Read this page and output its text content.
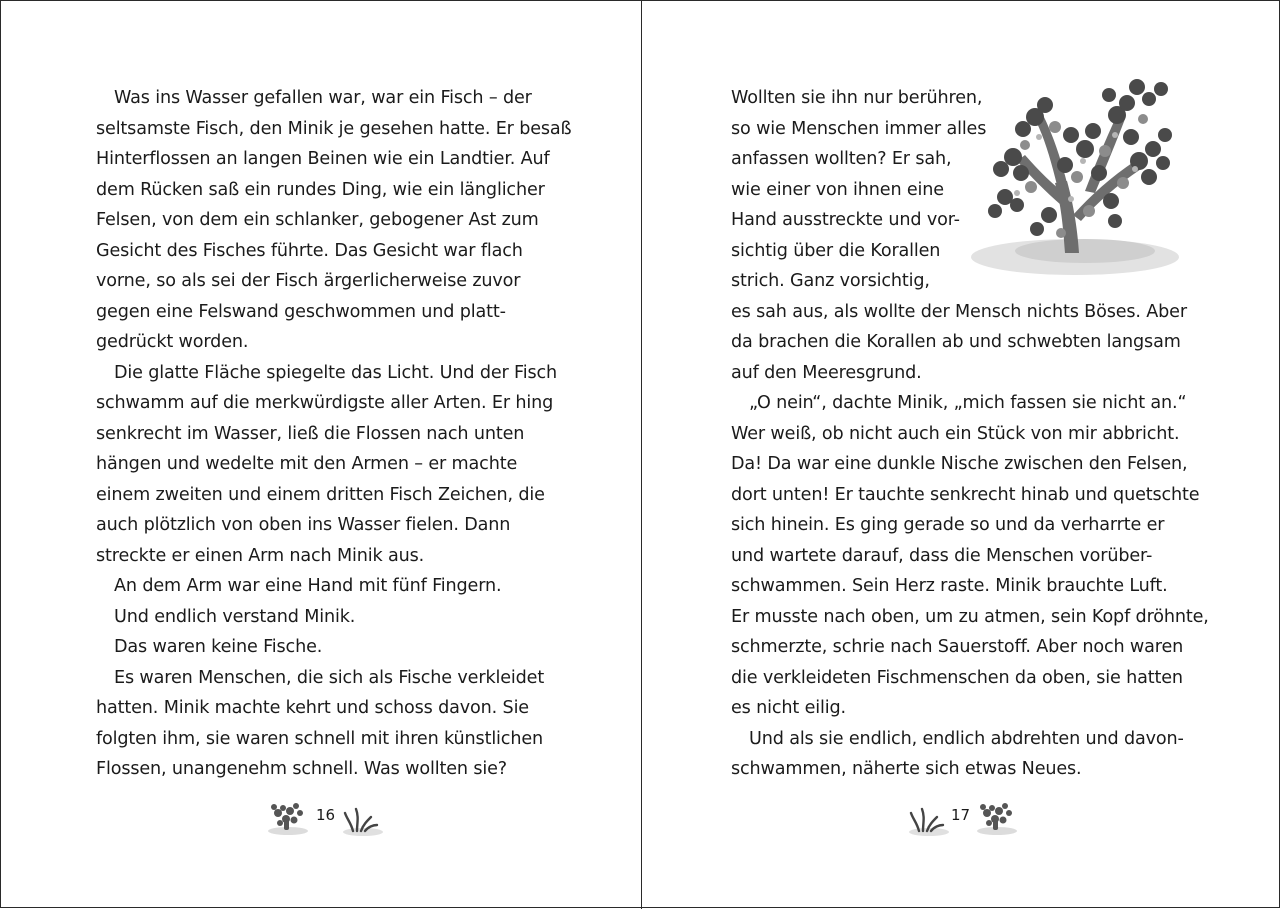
Was ins Wasser gefallen war, war ein Fisch – der
seltsamste Fisch, den Minik je gesehen hatte. Er besaß
Hinterflossen an langen Beinen wie ein Landtier. Auf
dem Rücken saß ein rundes Ding, wie ein länglicher
Felsen, von dem ein schlanker, gebogener Ast zum
Gesicht des Fisches führte. Das Gesicht war flach
vorne, so als sei der Fisch ärgerlicherweise zuvor
gegen eine Felswand geschwommen und platt-
gedrückt worden.
Die glatte Fläche spiegelte das Licht. Und der Fisch
schwamm auf die merkwürdigste aller Arten. Er hing
senkrecht im Wasser, ließ die Flossen nach unten
hängen und wedelte mit den Armen – er machte
einem zweiten und einem dritten Fisch Zeichen, die
auch plötzlich von oben ins Wasser fielen. Dann
streckte er einen Arm nach Minik aus.
An dem Arm war eine Hand mit fünf Fingern.
Und endlich verstand Minik.
Das waren keine Fische.
Es waren Menschen, die sich als Fische verkleidet
hatten. Minik machte kehrt und schoss davon. Sie
folgten ihm, sie waren schnell mit ihren künstlichen
Flossen, unangenehm schnell. Was wollten sie?
16
Wollten sie ihn nur berühren,
so wie Menschen immer alles
anfassen wollten? Er sah,
wie einer von ihnen eine
Hand ausstreckte und vor-
sichtig über die Korallen
strich. Ganz vorsichtig,
es sah aus, als wollte der Mensch nichts Böses. Aber
da brachen die Korallen ab und schwebten langsam
auf den Meeresgrund.
„O nein“, dachte Minik, „mich fassen sie nicht an.“
Wer weiß, ob nicht auch ein Stück von mir abbricht.
Da! Da war eine dunkle Nische zwischen den Felsen,
dort unten! Er tauchte senkrecht hinab und quetschte
sich hinein. Es ging gerade so und da verharrte er
und wartete darauf, dass die Menschen vorüber-
schwammen. Sein Herz raste. Minik brauchte Luft.
Er musste nach oben, um zu atmen, sein Kopf dröhnte,
schmerzte, schrie nach Sauerstoff. Aber noch waren
die verkleideten Fischmenschen da oben, sie hatten
es nicht eilig.
Und als sie endlich, endlich abdrehten und davon-
schwammen, näherte sich etwas Neues.
17
